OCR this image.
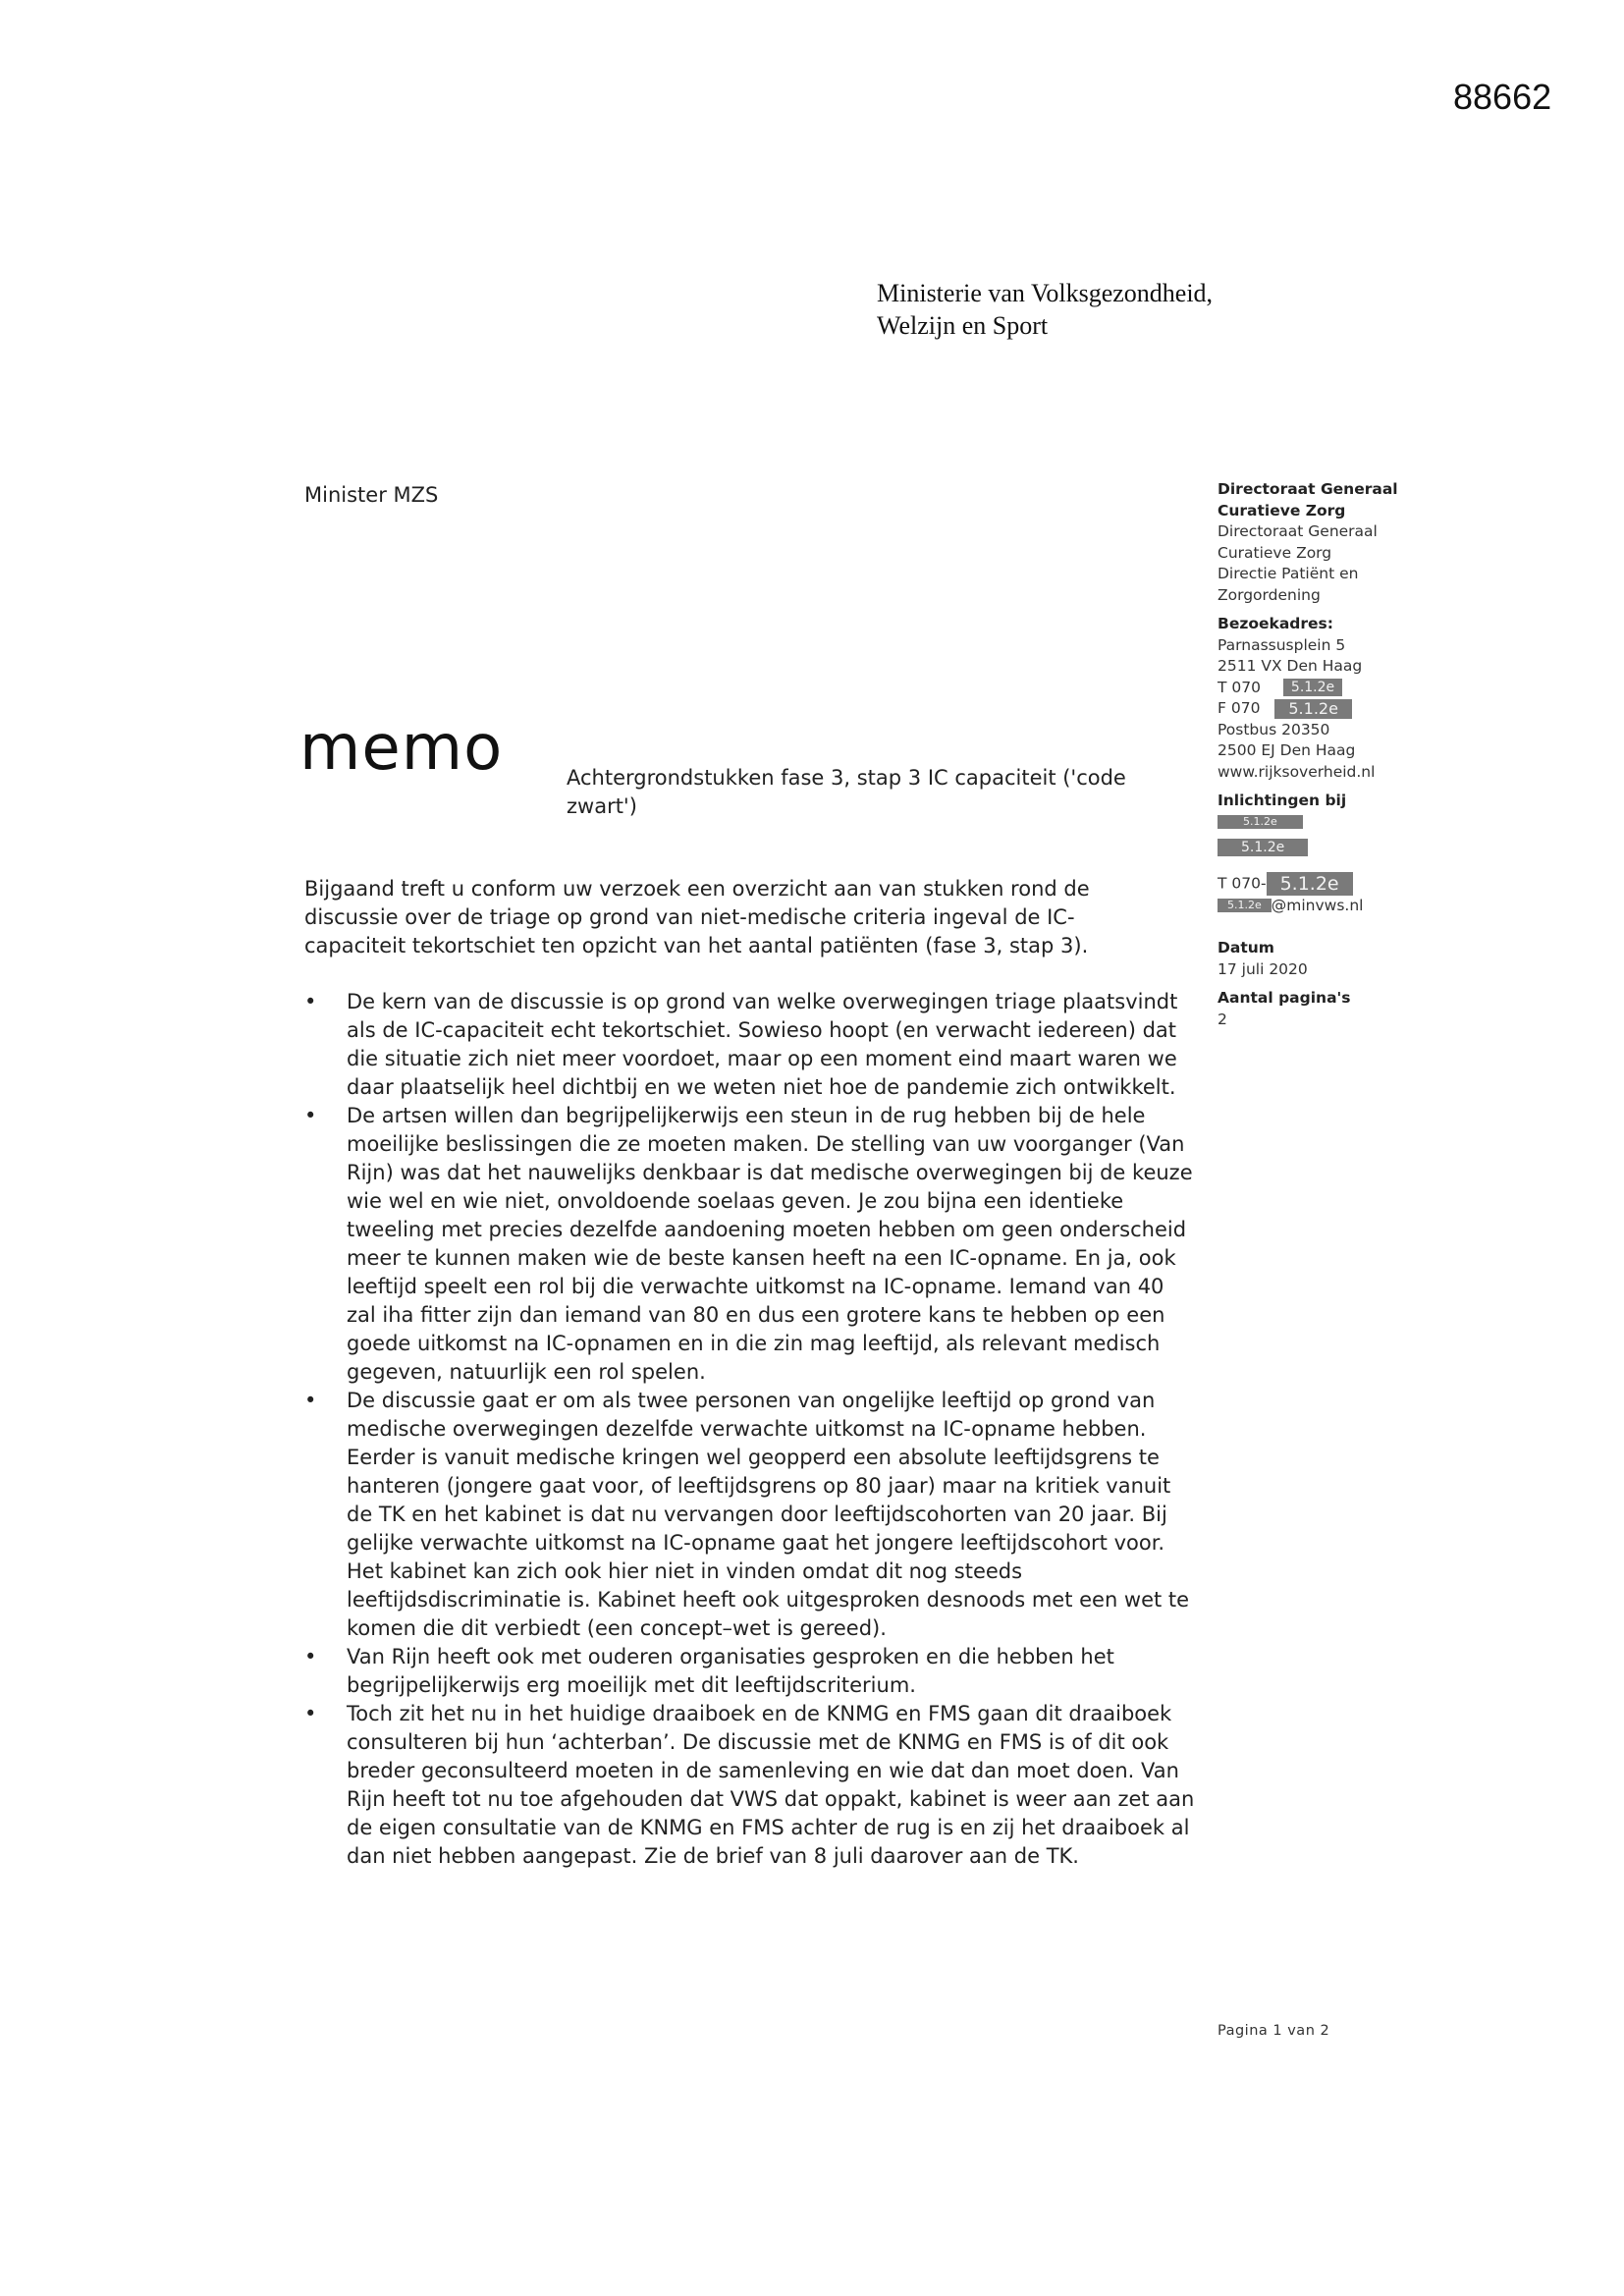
88662
Ministerie van Volksgezondheid,
Welzijn en Sport
Minister MZS
memo	Achtergrondstukken fase 3, stap 3 IC capaciteit ('code zwart')
Bijgaand treft u conform uw verzoek een overzicht aan van stukken rond de discussie over de triage op grond van niet-medische criteria ingeval de IC-capaciteit tekortschiet ten opzicht van het aantal patiënten (fase 3, stap 3).
• De kern van de discussie is op grond van welke overwegingen triage plaatsvindt als de IC-capaciteit echt tekortschiet. Sowieso hoopt (en verwacht iedereen) dat die situatie zich niet meer voordoet, maar op een moment eind maart waren we daar plaatselijk heel dichtbij en we weten niet hoe de pandemie zich ontwikkelt.
• De artsen willen dan begrijpelijkerwijs een steun in de rug hebben bij de hele moeilijke beslissingen die ze moeten maken. De stelling van uw voorganger (Van Rijn) was dat het nauwelijks denkbaar is dat medische overwegingen bij de keuze wie wel en wie niet, onvoldoende soelaas geven. Je zou bijna een identieke tweeling met precies dezelfde aandoening moeten hebben om geen onderscheid meer te kunnen maken wie de beste kansen heeft na een IC-opname. En ja, ook leeftijd speelt een rol bij die verwachte uitkomst na IC-opname. Iemand van 40 zal iha fitter zijn dan iemand van 80 en dus een grotere kans te hebben op een goede uitkomst na IC-opnamen en in die zin mag leeftijd, als relevant medisch gegeven, natuurlijk een rol spelen.
• De discussie gaat er om als twee personen van ongelijke leeftijd op grond van medische overwegingen dezelfde verwachte uitkomst na IC-opname hebben. Eerder is vanuit medische kringen wel geopperd een absolute leeftijdsgrens te hanteren (jongere gaat voor, of leeftijdsgrens op 80 jaar) maar na kritiek vanuit de TK en het kabinet is dat nu vervangen door leeftijdscohorten van 20 jaar. Bij gelijke verwachte uitkomst na IC-opname gaat het jongere leeftijdscohort voor. Het kabinet kan zich ook hier niet in vinden omdat dit nog steeds leeftijdsdiscriminatie is. Kabinet heeft ook uitgesproken desnoods met een wet te komen die dit verbiedt (een concept–wet is gereed).
• Van Rijn heeft ook met ouderen organisaties gesproken en die hebben het begrijpelijkerwijs erg moeilijk met dit leeftijdscriterium.
• Toch zit het nu in het huidige draaiboek en de KNMG en FMS gaan dit draaiboek consulteren bij hun ‘achterban’. De discussie met de KNMG en FMS is of dit ook breder geconsulteerd moeten in de samenleving en wie dat dan moet doen. Van Rijn heeft tot nu toe afgehouden dat VWS dat oppakt, kabinet is weer aan zet aan de eigen consultatie van de KNMG en FMS achter de rug is en zij het draaiboek al dan niet hebben aangepast. Zie de brief van 8 juli daarover aan de TK.
Directoraat Generaal
Curatieve Zorg
Directoraat Generaal
Curatieve Zorg
Directie Patiënt en
Zorgordening
Bezoekadres:
Parnassusplein 5
2511 VX Den Haag
T 070 5.1.2e
F 070 5.1.2e
Postbus 20350
2500 EJ Den Haag
www.rijksoverheid.nl
Inlichtingen bij
5.1.2e
5.1.2e
T 070- 5.1.2e
5.1.2e @minvws.nl
Datum
17 juli 2020
Aantal pagina's
2
Pagina 1 van 2
